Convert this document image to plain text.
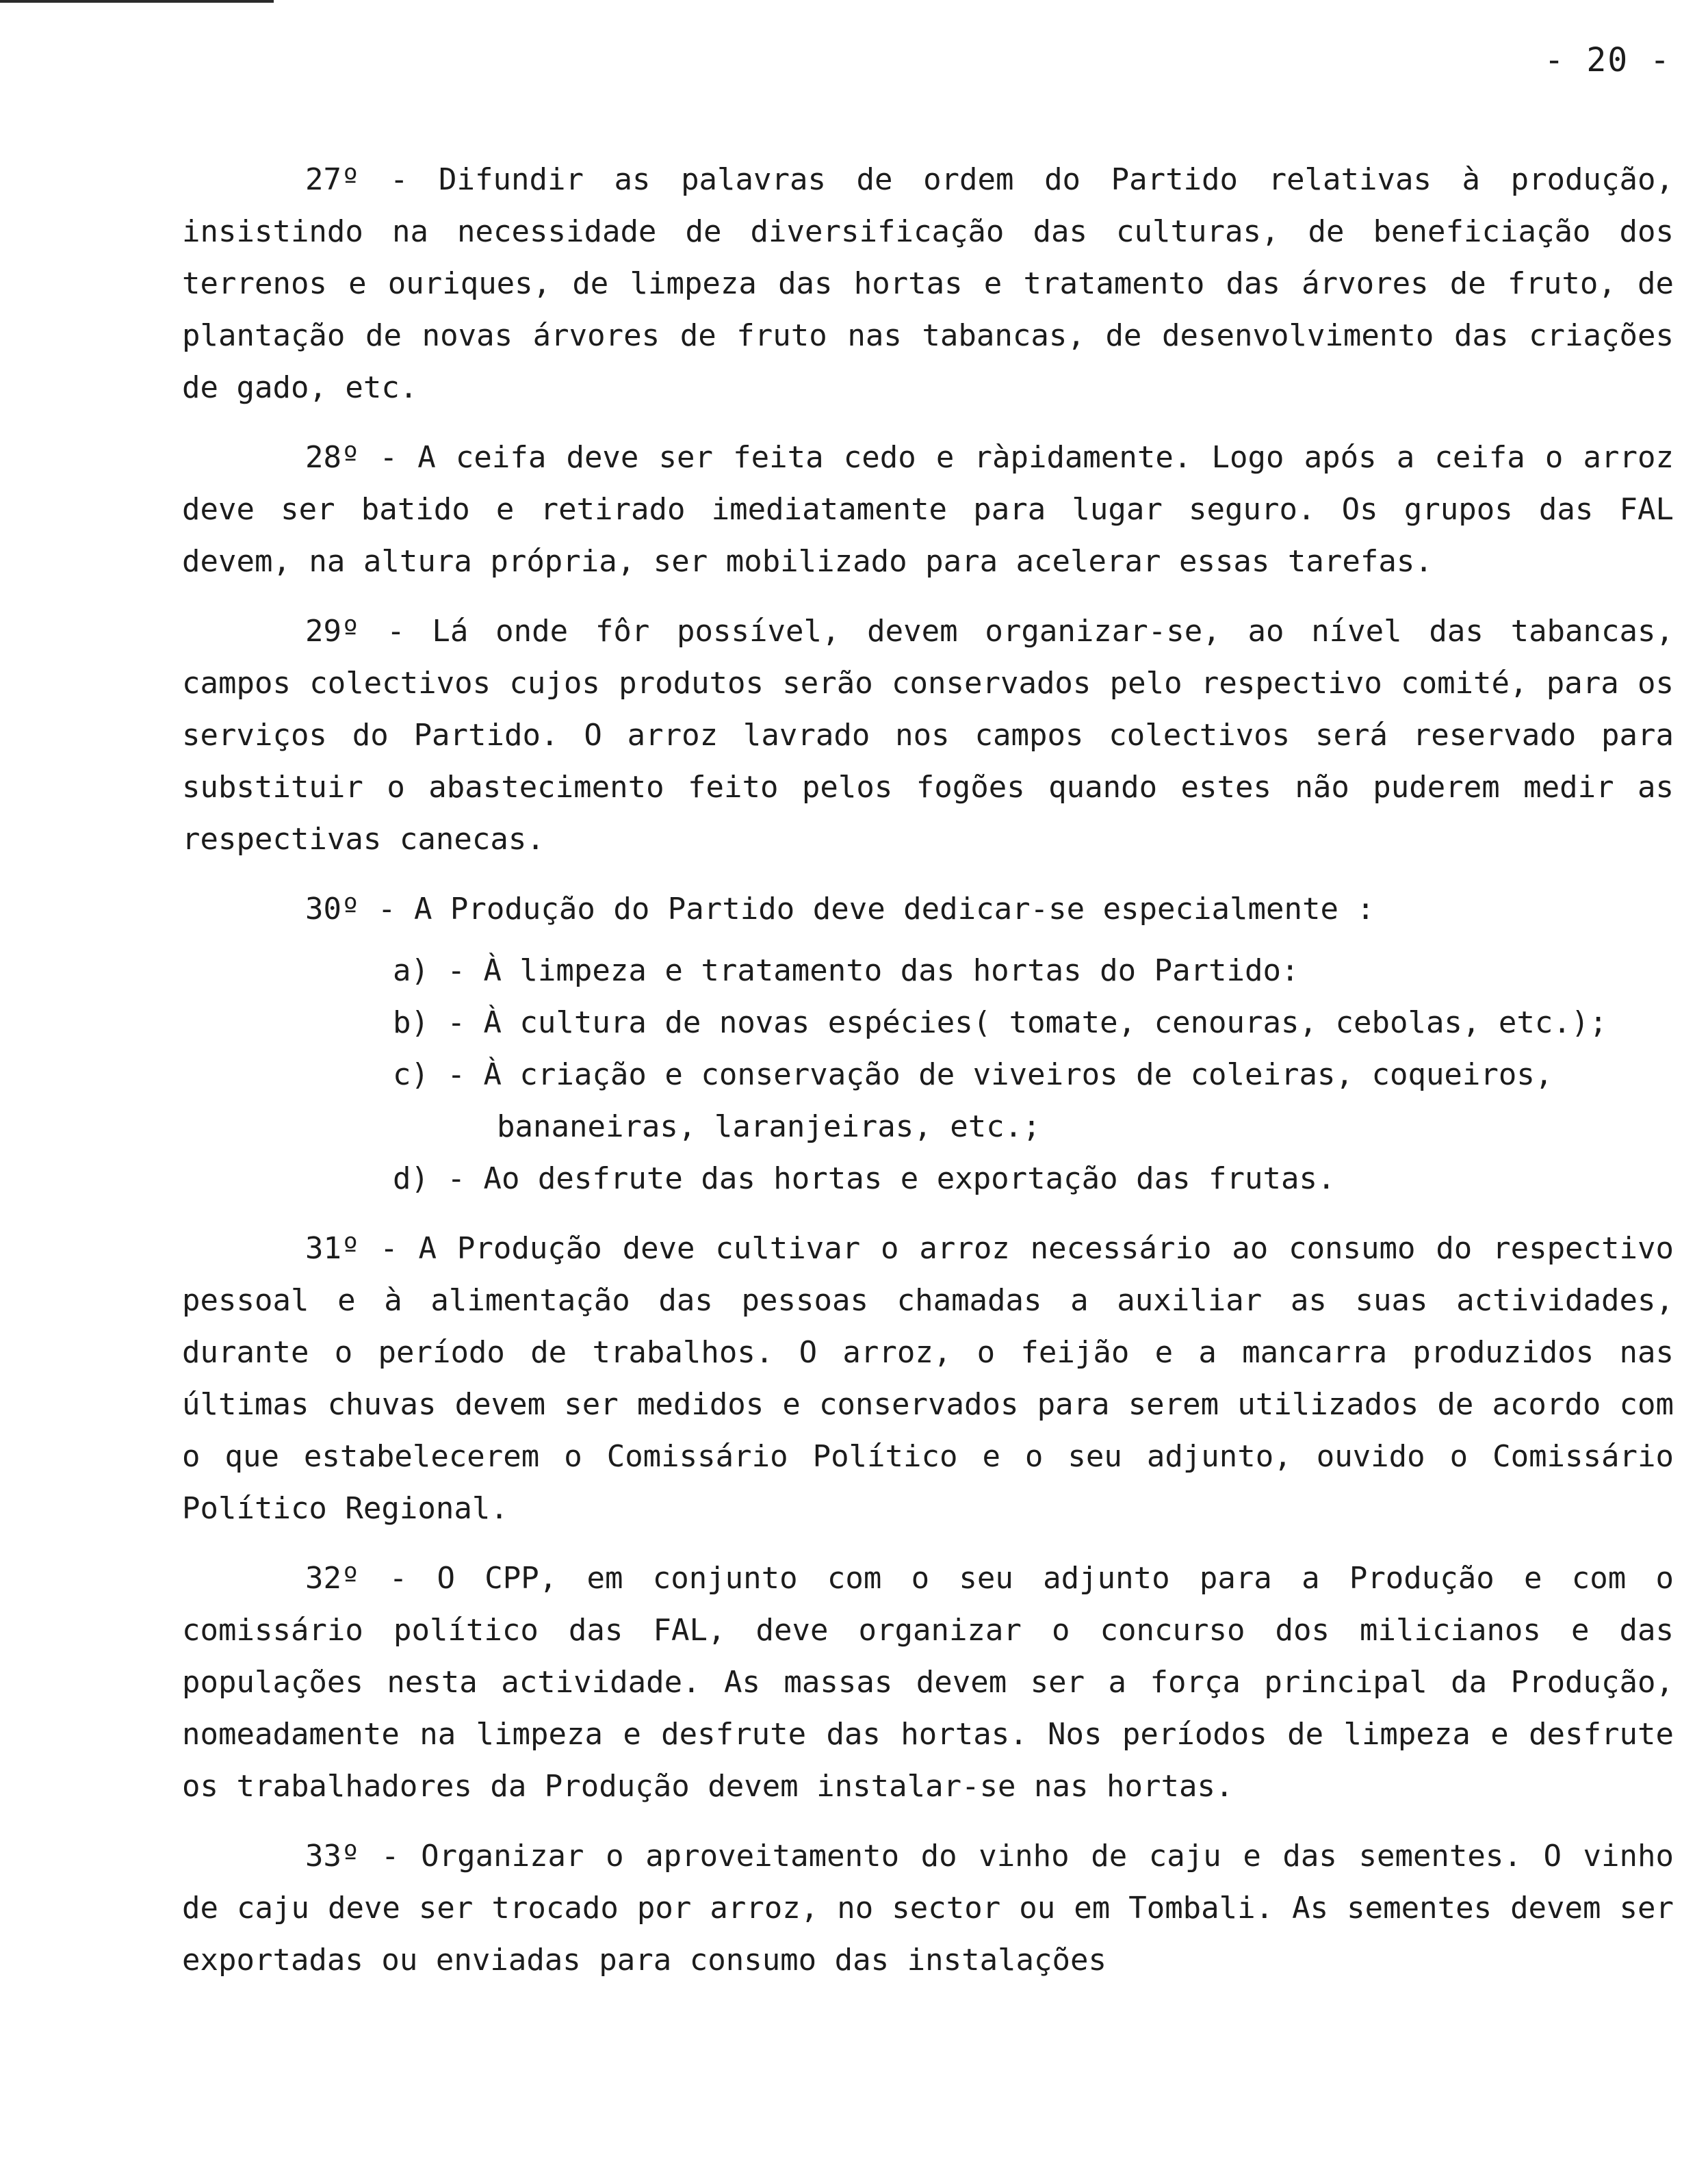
- 20 -

27º - Difundir as palavras de ordem do Partido relativas à produção, insistindo na necessidade de diversificação das culturas, de beneficiação dos terrenos e ouriques, de limpeza das hortas e tratamento das árvores de fruto, de plantação de novas árvores de fruto nas tabancas, de desenvolvimento das criações de gado, etc.

28º - A ceifa deve ser feita cedo e ràpidamente. Logo após a ceifa o arroz deve ser batido e retirado imediatamente para lugar seguro. Os grupos das FAL devem, na altura própria, ser mobilizado para acelerar essas tarefas.

29º - Lá onde fôr possível, devem organizar-se, ao nível das tabancas, campos colectivos cujos produtos serão conservados pelo respectivo comité, para os serviços do Partido. O arroz lavrado nos campos colectivos será reservado para substituir o abastecimento feito pelos fogões quando estes não puderem medir as respectivas canecas.

30º - A Produção do Partido deve dedicar-se especialmente :

a) - À limpeza e tratamento das hortas do Partido:

b) - À cultura de novas espécies( tomate, cenouras, cebolas, etc.);

c) - À criação e conservação de viveiros de coleiras, coqueiros, bananeiras, laranjeiras, etc.;

d) - Ao desfrute das hortas e exportação das frutas.

31º - A Produção deve cultivar o arroz necessário ao consumo do respectivo pessoal e à alimentação das pessoas chamadas a auxiliar as suas actividades, durante o período de trabalhos. O arroz, o feijão e a mancarra produzidos nas últimas chuvas devem ser medidos e conservados para serem utilizados de acordo com o que estabelecerem o Comissário Político e o seu adjunto, ouvido o Comissário Político Regional.

32º - O CPP, em conjunto com o seu adjunto para a Produção e com o comissário político das FAL, deve organizar o concurso dos milicianos e das populações nesta actividade. As massas devem ser a força principal da Produção, nomeadamente na limpeza e desfrute das hortas. Nos períodos de limpeza e desfrute os trabalhadores da Produção devem instalar-se nas hortas.

33º - Organizar o aproveitamento do vinho de caju e das sementes. O vinho de caju deve ser trocado por arroz, no sector ou em Tombali. As sementes devem ser exportadas ou enviadas para consumo das instalações
